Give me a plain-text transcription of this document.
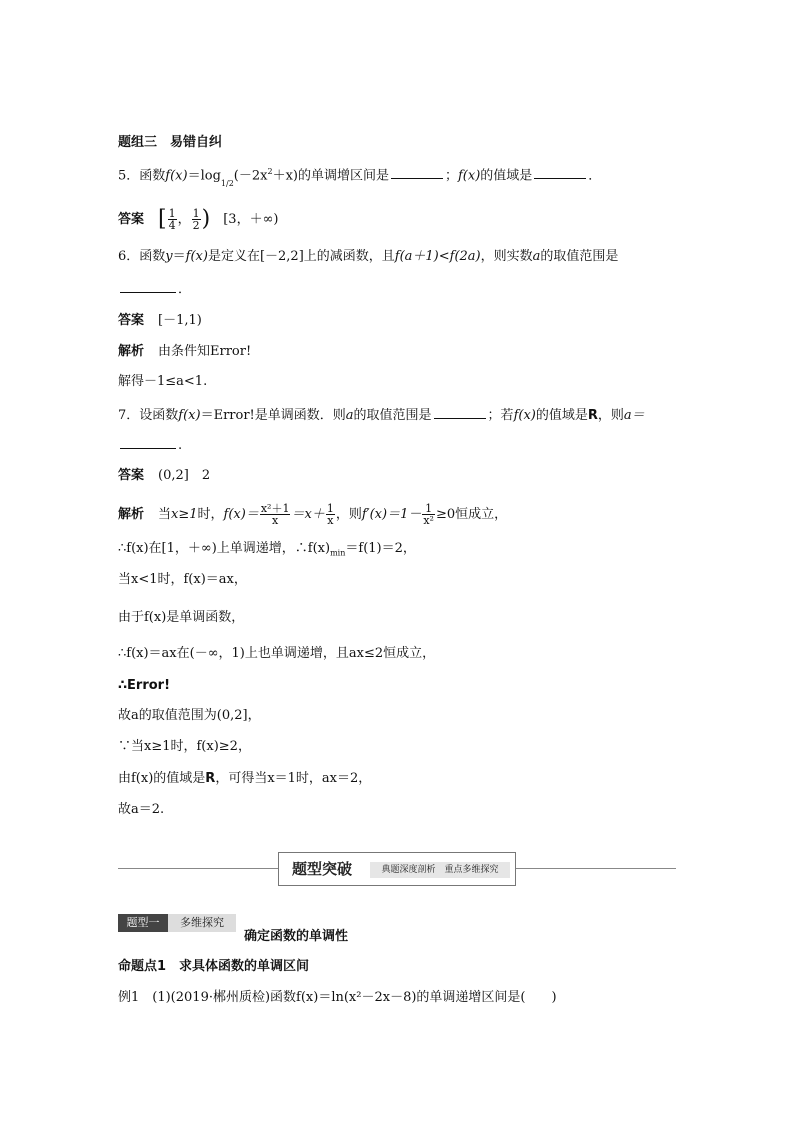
题组三　易错自纠
5．函数$f(x)=\log_{1/2}(-2x^2+x)$的单调增区间是	；f(x)的值域是	．
答案 [ $\frac{1}{4}$ ， $\frac{1}{2}$ )　 [3，＋∞)
6．函数y＝f(x)是定义在[－2,2]上的减函数，且f(a＋1)<f(2a)，则实数a的取值范围是
．
答案 [－1,1)
解析 由条件知Error!
解得－1≤a<1.
7．设函数f(x)＝Error!是单调函数．则a的取值范围是	；若f(x)的值域是R，则a＝
.
答案 (0,2]　2
解析 当x≥1时，$f(x)= \frac{\text{x²＋1}}{x} =x+ \frac{1}{x}$ ，则$f'(x)=1- \frac{1}{\text{x²}} \ge 0$恒成立，
∴f(x)在[1，＋∞)上单调递增，$\therefore f(x)_{min}=f(1)=2$，
当x<1时，f(x)＝ax，
由于f(x)是单调函数，
∴f(x)＝ax在(－∞，1)上也单调递增，且ax≤2恒成立，
∴Error!
故a的取值范围为(0,2]，
∵当x≥1时，f(x)≥2，
由f(x)的值域是R，可得当x＝1时，ax＝2，
故a＝2.
题型突破	典题深度剖析　重点多维探究
题型一	多维探究
确定函数的单调性
命题点1　求具体函数的单调区间
例1　(1)(2019·郴州质检)函数f(x)＝ln(x²－2x－8)的单调递增区间是(　　)
